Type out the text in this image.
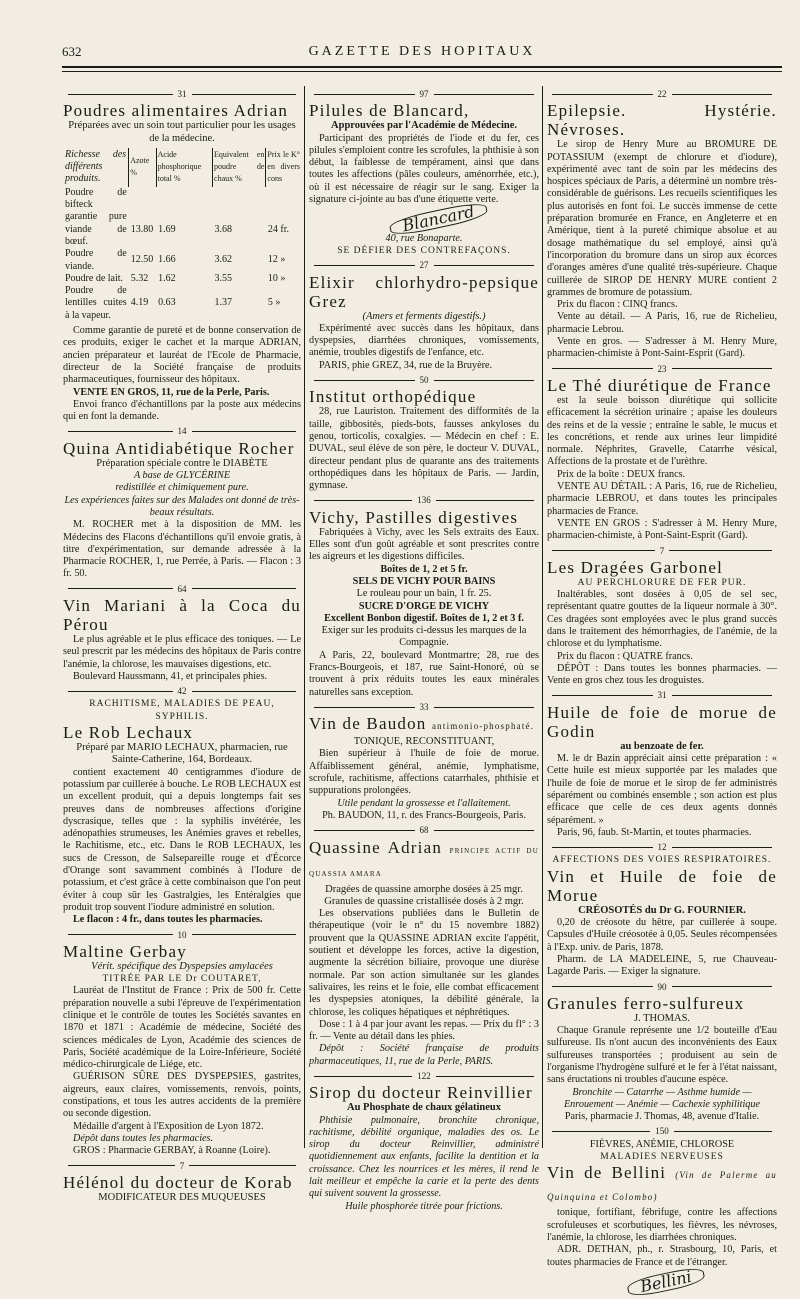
632	GAZETTE DES HOPITAUX
31
Poudres alimentaires Adrian
Préparées avec un soin tout particulier pour les usages de la médecine.
Richesse des différents produits.	Azote %	Acide phosphorique total %	Equivalent en poudre de chaux %	Prix le K° en divers cons
Poudre de bifteck				
garantie pure viande de bœuf.	13.80	1.69	3.68	24 fr.
Poudre de viande.	12.50	1.66	3.62	12 »
Poudre de lait.	5.32	1.62	3.55	10 »
Poudre de lentilles cuites à la vapeur.	4.19	0.63	1.37	5 »

Comme garantie de pureté et de bonne conservation de ces produits, exiger le cachet et la marque ADRIAN, ancien préparateur et lauréat de l'Ecole de Pharmacie, directeur de la Société française de produits pharmaceutiques, fournisseur des hôpitaux.

VENTE EN GROS, 11, rue de la Perle, Paris.

Envoi franco d'échantillons par la poste aux médecins qui en font la demande.

14
Quina Antidiabétique Rocher
Préparation spéciale contre le DIABÈTE
A base de GLYCÉRINE
redistillée et chimiquement pure.
Les expériences faites sur des Malades ont donné de très-beaux résultats.

M. ROCHER met à la disposition de MM. les Médecins des Flacons d'échantillons qu'il envoie gratis, à titre d'expérimentation, sur demande adressée à la Pharmacie ROCHER, 1, rue Perrée, à Paris. — Flacon : 3 fr. 50.

64
Vin Mariani à la Coca du Pérou

Le plus agréable et le plus efficace des toniques. — Le seul prescrit par les médecins des hôpitaux de Paris contre l'anémie, la chlorose, les mauvaises digestions, etc.

Boulevard Haussmann, 41, et principales phies.

42
RACHITISME, MALADIES DE PEAU, SYPHILIS.
Le Rob Lechaux
Préparé par MARIO LECHAUX, pharmacien, rue Sainte-Catherine, 164, Bordeaux.

contient exactement 40 centigrammes d'iodure de potassium par cuillerée à bouche. Le ROB LECHAUX est un excellent produit, qui a depuis longtemps fait ses preuves dans de nombreuses affections d'origine dyscrasique, telles que : la syphilis invétérée, les adénopathies strumeuses, les Anémies graves et rebelles, le Rachitisme, etc., etc. Dans le ROB LECHAUX, les sucs de Cresson, de Salsepareille rouge et d'Écorce d'Orange sont savamment combinés à l'Iodure de potassium, et c'est grâce à cette combinaison que l'on peut éviter à coup sûr les Gastralgies, les Entéralgies que produit trop souvent l'iodure administré en solution.

Le flacon : 4 fr., dans toutes les pharmacies.

10
Maltine Gerbay
Vérit. spécifique des Dyspepsies amylacées
TITRÉE PAR LE Dr COUTARET,

Lauréat de l'Institut de France : Prix de 500 fr. Cette préparation nouvelle a subi l'épreuve de l'expérimentation clinique et le contrôle de toutes les Sociétés savantes en 1870 et 1871 : Académie de médecine, Société des sciences médicales de Lyon, Académie des sciences de Paris, Société académique de la Loire-Inférieure, Société médico-chirurgicale de Liége, etc.

GUÉRISON SÛRE DES DYSPEPSIES, gastrites, aigreurs, eaux claires, vomissements, renvois, points, constipations, et tous les autres accidents de la première ou seconde digestion.

Médaille d'argent à l'Exposition de Lyon 1872.

Dépôt dans toutes les pharmacies.

GROS : Pharmacie GERBAY, à Roanne (Loire).

7
Hélénol du docteur de Korab
MODIFICATEUR DES MUQUEUSES
97
Pilules de Blancard,
Approuvées par l'Académie de Médecine.

Participant des propriétés de l'iode et du fer, ces pilules s'emploient contre les scrofules, la phthisie à son début, la faiblesse de tempérament, ainsi que dans toutes les affections (pâles couleurs, aménorrhée, etc.), où il est nécessaire de réagir sur le sang. Exiger la signature ci-jointe au bas d'une étiquette verte.

Blancard
40, rue Bonaparte.
SE DÉFIER DES CONTREFAÇONS.
27
Elixir chlorhydro-pepsique Grez
(Amers et ferments digestifs.)

Expérimenté avec succès dans les hôpitaux, dans dyspepsies, diarrhées chroniques, vomissements, anémie, troubles digestifs de l'enfance, etc.

PARIS, phie GREZ, 34, rue de la Bruyère.

50
Institut orthopédique

28, rue Lauriston. Traitement des difformités de la taille, gibbosités, pieds-bots, fausses ankyloses du genou, torticolis, coxalgies. — Médecin en chef : E. DUVAL, seul élève de son père, le docteur V. DUVAL, directeur pendant plus de quarante ans des traitements orthopédiques dans les hôpitaux de Paris. — Jardin, gymnase.

136
Vichy, Pastilles digestives

Fabriquées à Vichy, avec les Sels extraits des Eaux. Elles sont d'un goût agréable et sont prescrites contre les aigreurs et les digestions difficiles.

Boîtes de 1, 2 et 5 fr.
SELS DE VICHY POUR BAINS
Le rouleau pour un bain, 1 fr. 25.
SUCRE D'ORGE DE VICHY
Excellent Bonbon digestif. Boîtes de 1, 2 et 3 f.
Exiger sur les produits ci-dessus les marques de la Compagnie.

A Paris, 22, boulevard Montmartre; 28, rue des Francs-Bourgeois, et 187, rue Saint-Honoré, où se trouvent à prix réduits toutes les eaux minérales naturelles sans exception.

33
Vin de Baudon antimonio-phosphaté.
TONIQUE, RECONSTITUANT,

Bien supérieur à l'huile de foie de morue. Affaiblissement général, anémie, lymphatisme, scrofule, rachitisme, affections catarrhales, phthisie et suppurations prolongées.

Utile pendant la grossesse et l'allaitement.
Ph. BAUDON, 11, r. des Francs-Bourgeois, Paris.
68
Quassine Adrian PRINCIPE ACTIF DU QUASSIA AMARA
Dragées de quassine amorphe dosées à 25 mgr. Granules de quassine cristallisée dosés à 2 mgr.

Les observations publiées dans le Bulletin de thérapeutique (voir le n° du 15 novembre 1882) prouvent que la QUASSINE ADRIAN excite l'appétit, soutient et développe les forces, active la digestion, augmente la sécrétion biliaire, provoque une diurèse normale. Par son action simultanée sur les glandes salivaires, les reins et le foie, elle combat efficacement les dyspepsies atoniques, la débilité générale, la chlorose, les coliques hépatiques et néphrétiques.

Dose : 1 à 4 par jour avant les repas. — Prix du fl° : 3 fr. — Vente au détail dans les phies.

Dépôt : Société française de produits pharmaceutiques, 11, rue de la Perle, PARIS.

122
Sirop du docteur Reinvillier
Au Phosphate de chaux gélatineux

Phthisie pulmonaire, bronchite chronique, rachitisme, débilité organique, maladies des os. Le sirop du docteur Reinvillier, administré quotidiennement aux enfants, facilite la dentition et la croissance. Chez les nourrices et les mères, il rend le lait meilleur et empêche la carie et la perte des dents qui suivent souvent la grossesse.

Huile phosphorée titrée pour frictions.
22
Epilepsie. Hystérie. Névroses.

Le sirop de Henry Mure au BROMURE DE POTASSIUM (exempt de chlorure et d'iodure), expérimenté avec tant de soin par les médecins des hospices spéciaux de Paris, a déterminé un nombre très-considérable de guérisons. Les recueils scientifiques les plus autorisés en font foi. Le succès immense de cette préparation bromurée en France, en Angleterre et en Amérique, tient à la pureté chimique absolue et au dosage mathématique du sel employé, ainsi qu'à l'incorporation du bromure dans un sirop aux écorces d'oranges amères d'une qualité très-supérieure. Chaque cuillerée de SIROP DE HENRY MURE contient 2 grammes de bromure de potassium.

Prix du flacon : CINQ francs.

Vente au détail. — A Paris, 16, rue de Richelieu, pharmacie Lebrou.

Vente en gros. — S'adresser à M. Henry Mure, pharmacien-chimiste à Pont-Saint-Esprit (Gard).

23
Le Thé diurétique de France

est la seule boisson diurétique qui sollicite efficacement la sécrétion urinaire ; apaise les douleurs des reins et de la vessie ; entraîne le sable, le mucus et les concrétions, et rende aux urines leur limpidité normale. Néphrites, Gravelle, Catarrhe vésical, Affections de la prostate et de l'urèthre.

Prix de la boîte : DEUX francs.

VENTE AU DÉTAIL : A Paris, 16, rue de Richelieu, pharmacie LEBROU, et dans toutes les principales pharmacies de France.

VENTE EN GROS : S'adresser à M. Henry Mure, pharmacien-chimiste, à Pont-Saint-Esprit (Gard).

7
Les Dragées Garbonel
AU PERCHLORURE DE FER PUR.

Inaltérables, sont dosées à 0,05 de sel sec, représentant quatre gouttes de la liqueur normale à 30°. Ces dragées sont employées avec le plus grand succès dans le traitement des hémorrhagies, de l'anémie, de la chlorose et du lymphatisme.

Prix du flacon : QUATRE francs.

DÉPÔT : Dans toutes les bonnes pharmacies. — Vente en gros chez tous les droguistes.

31
Huile de foie de morue de Godin
au benzoate de fer.

M. le dr Bazin appréciait ainsi cette préparation : « Cette huile est mieux supportée par les malades que l'huile de foie de morue et le sirop de fer administrés séparément ou combinés ensemble ; son action est plus efficace que celle de ces deux agents donnés séparément. »

Paris, 96, faub. St-Martin, et toutes pharmacies.

12
AFFECTIONS DES VOIES RESPIRATOIRES.
Vin et Huile de foie de Morue
CRÉOSOTÉS du Dr G. FOURNIER.

0,20 de créosote du hêtre, par cuillerée à soupe. Capsules d'Huile créosotée à 0,05. Seules récompensées à l'Exp. univ. de Paris, 1878.

Pharm. de LA MADELEINE, 5, rue Chauveau-Lagarde Paris. — Exiger la signature.

90
Granules ferro-sulfureux
J. THOMAS.

Chaque Granule représente une 1/2 bouteille d'Eau sulfureuse. Ils n'ont aucun des inconvénients des Eaux sulfureuses transportées ; produisent au sein de l'organisme l'hydrogène sulfuré et le fer à l'état naissant, sans éructations ni troubles d'aucune espèce.

Bronchite — Catarrhe — Asthme humide — Enrouement — Anémie — Cachexie syphilitique
Paris, pharmacie J. Thomas, 48, avenue d'Italie.
150
FIÈVRES, ANÉMIE, CHLOROSE
MALADIES NERVEUSES
Vin de Bellini (Vin de Palerme au Quinquina et Colombo)

tonique, fortifiant, fébrifuge, contre les affections scrofuleuses et scorbutiques, les fièvres, les névroses, l'anémie, la chlorose, les diarrhées chroniques.

ADR. DETHAN, ph., r. Strasbourg, 10, Paris, et toutes pharmacies de France et de l'étranger.

Bellini
